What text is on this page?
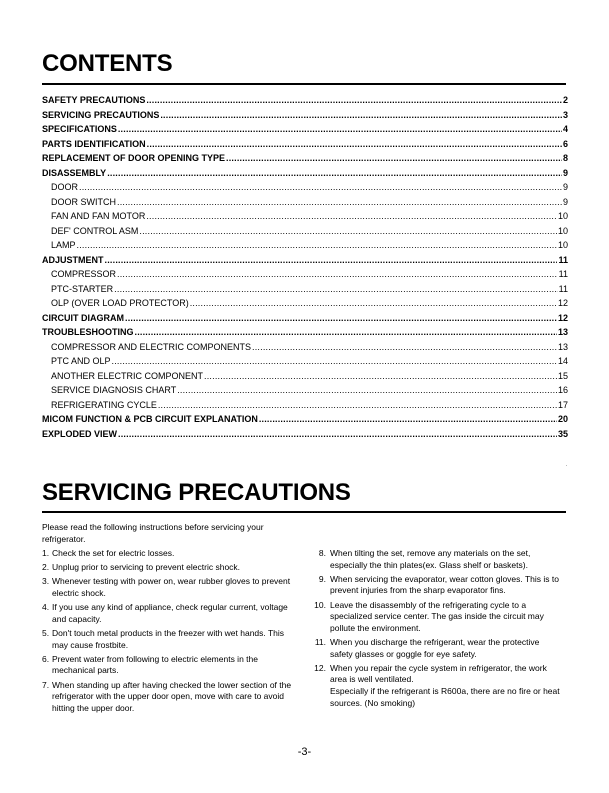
CONTENTS
SAFETY PRECAUTIONS .....	2
SERVICING PRECAUTIONS .....	3
SPECIFICATIONS .....	4
PARTS IDENTIFICATION .....	6
REPLACEMENT OF DOOR OPENING TYPE .....	8
DISASSEMBLY .....	9
DOOR .....	9
DOOR SWITCH .....	9
FAN AND FAN MOTOR .....	10
DEF' CONTROL ASM .....	10
LAMP .....	10
ADJUSTMENT .....	11
COMPRESSOR .....	11
PTC-STARTER .....	11
OLP (OVER LOAD PROTECTOR) .....	12
CIRCUIT DIAGRAM .....	12
TROUBLESHOOTING .....	13
COMPRESSOR AND ELECTRIC COMPONENTS .....	13
PTC AND OLP .....	14
ANOTHER ELECTRIC COMPONENT .....	15
SERVICE DIAGNOSIS CHART .....	16
REFRIGERATING CYCLE .....	17
MICOM FUNCTION & PCB CIRCUIT EXPLANATION .....	20
EXPLODED VIEW .....	35
SERVICING PRECAUTIONS

Please read the following instructions before servicing your refrigerator.

1. Check the set for electric losses.
2. Unplug prior to servicing to prevent electric shock.
3. Whenever testing with power on, wear rubber gloves to prevent electric shock.
4. If you use any kind of appliance, check regular current, voltage and capacity.
5. Don't touch metal products in the freezer with wet hands. This may cause frostbite.
6. Prevent water from following to electric elements in the mechanical parts.
7. When standing up after having checked the lower section of the refrigerator with the upper door open, move with care to avoid hitting the upper door.
8. When tilting the set, remove any materials on the set, especially the thin plates(ex. Glass shelf or baskets).
9. When servicing the evaporator, wear cotton gloves. This is to prevent injuries from the sharp evaporator fins.
10. Leave the disassembly of the refrigerating cycle to a specialized service center. The gas inside the circuit may pollute the environment.
11. When you discharge the refrigerant, wear the protective safety glasses or goggle for eye safety.
12. When you repair the cycle system in refrigerator, the work area is well ventilated.
Especially if the refrigerant is R600a, there are no fire or heat sources. (No smoking)
-3-
